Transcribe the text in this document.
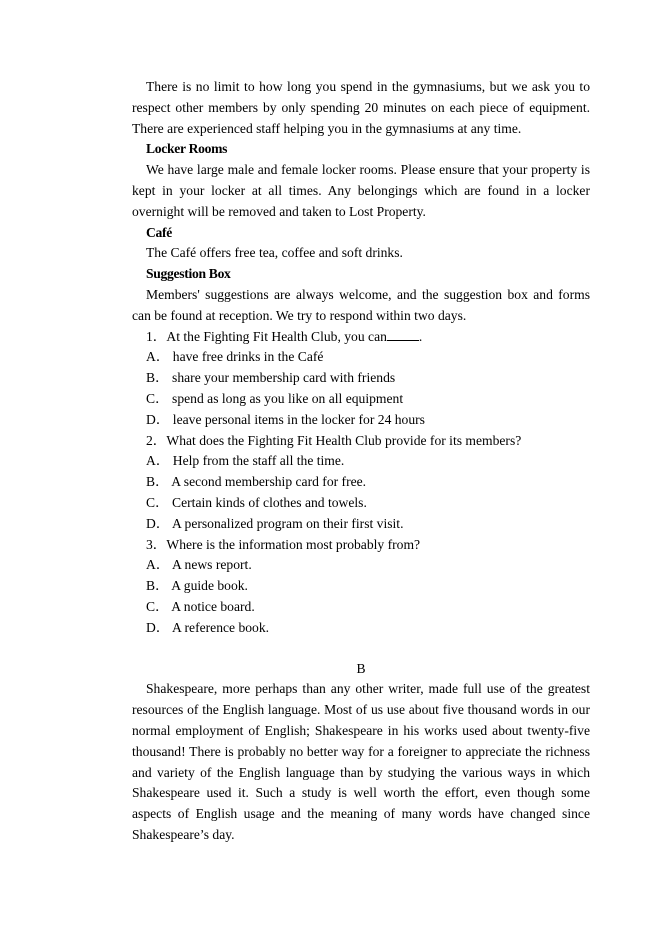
There is no limit to how long you spend in the gymnasiums, but we ask you to respect other members by only spending 20 minutes on each piece of equipment. There are experienced staff helping you in the gymnasiums at any time.

Locker Rooms

We have large male and female locker rooms. Please ensure that your property is kept in your locker at all times. Any belongings which are found in a locker overnight will be removed and taken to Lost Property.

Café

The Café offers free tea, coffee and soft drinks.

Suggestion Box

Members' suggestions are always welcome, and the suggestion box and forms can be found at reception. We try to respond within two days.

1．At the Fighting Fit Health Club, you can .

A． have free drinks in the Café

B． share your membership card with friends

C． spend as long as you like on all equipment

D． leave personal items in the locker for 24 hours

2．What does the Fighting Fit Health Club provide for its members?

A． Help from the staff all the time.

B． A second membership card for free.

C． Certain kinds of clothes and towels.

D． A personalized program on their first visit.

3．Where is the information most probably from?

A． A news report.

B． A guide book.

C． A notice board.

D． A reference book.

B

Shakespeare, more perhaps than any other writer, made full use of the greatest resources of the English language. Most of us use about five thousand words in our normal employment of English; Shakespeare in his works used about twenty-five thousand! There is probably no better way for a foreigner to appreciate the richness and variety of the English language than by studying the various ways in which Shakespeare used it. Such a study is well worth the effort, even though some aspects of English usage and the meaning of many words have changed since Shakespeare’s day.
